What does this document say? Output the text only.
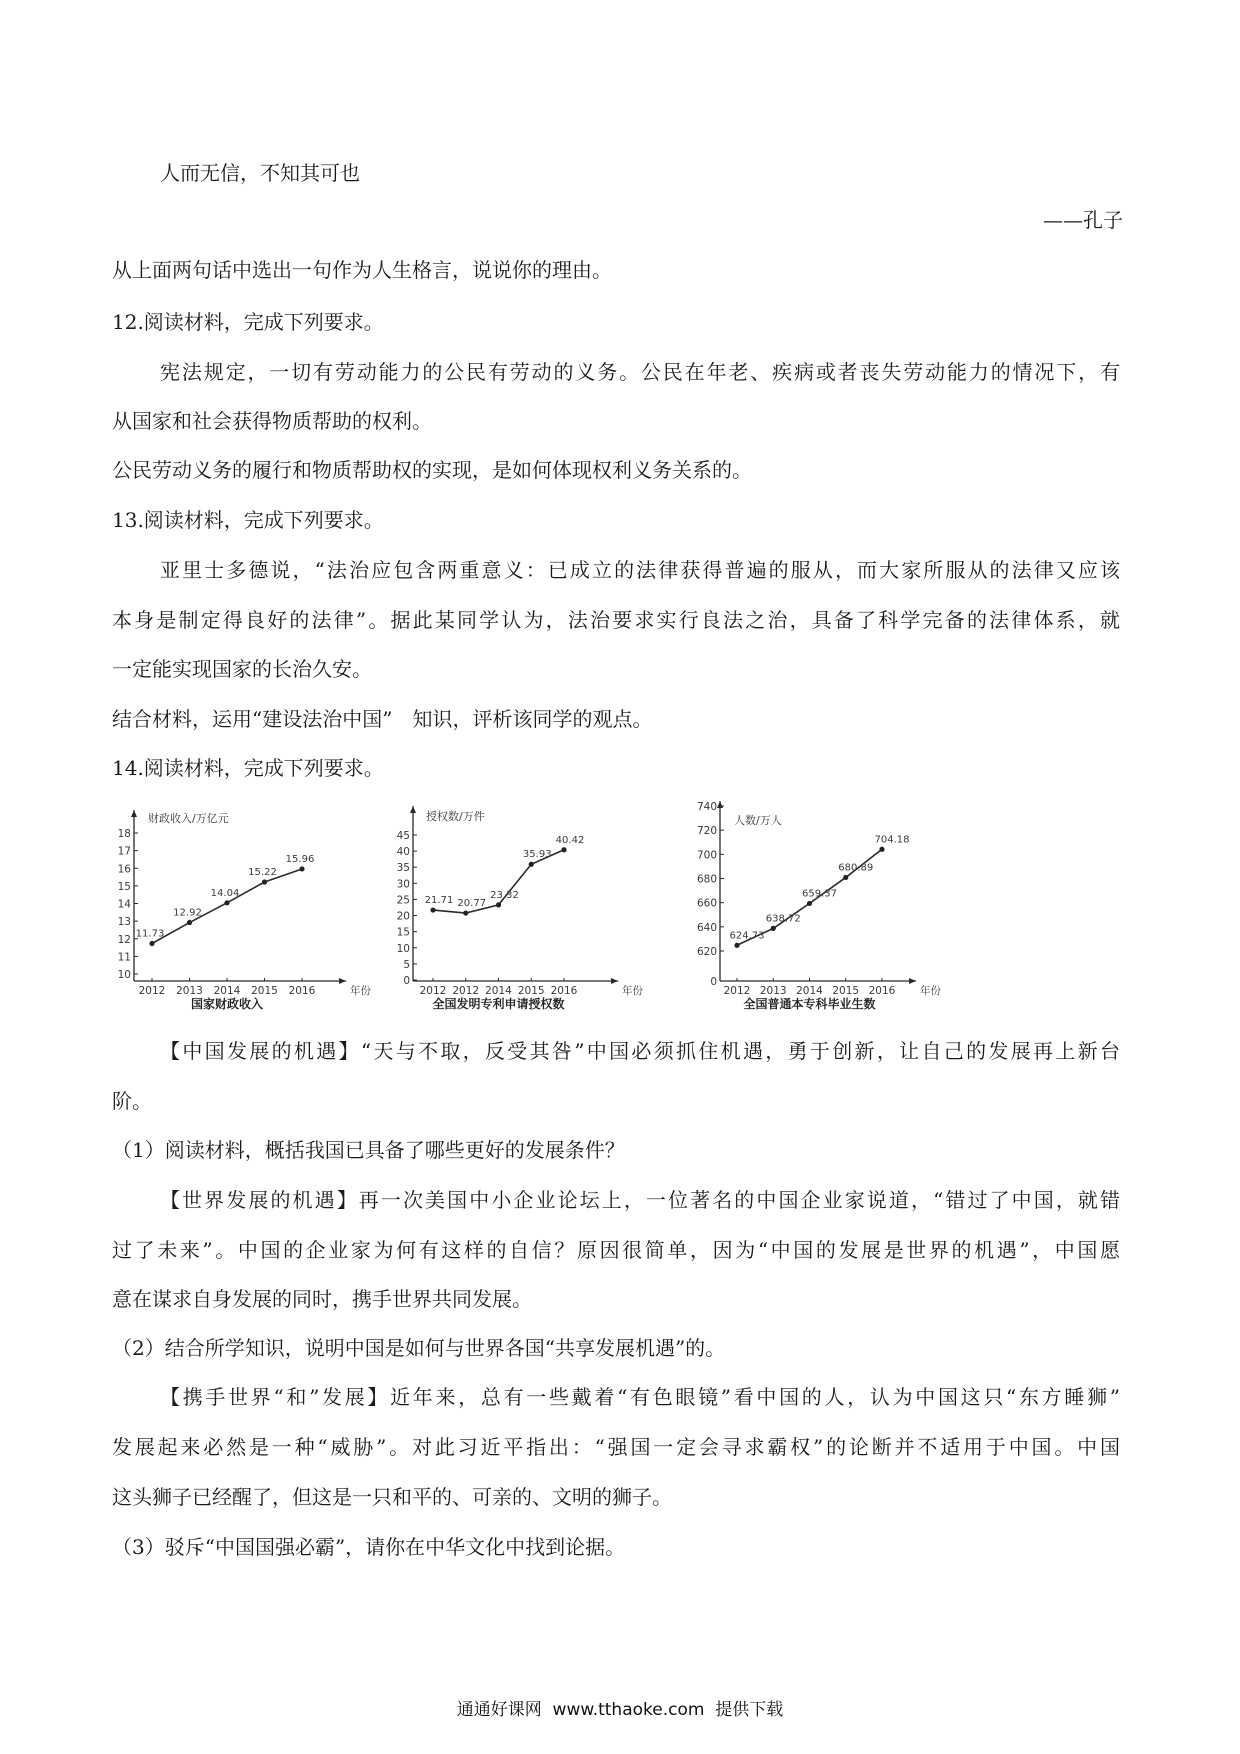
人而无信，不知其可也
——孔子
从上面两句话中选出一句作为人生格言，说说你的理由。
12.阅读材料，完成下列要求。
宪法规定，一切有劳动能力的公民有劳动的义务。公民在年老、疾病或者丧失劳动能力的情况下，有
从国家和社会获得物质帮助的权利。
公民劳动义务的履行和物质帮助权的实现，是如何体现权利义务关系的。
13.阅读材料，完成下列要求。
亚里士多德说，“法治应包含两重意义：已成立的法律获得普遍的服从，而大家所服从的法律又应该
本身是制定得良好的法律”。据此某同学认为，法治要求实行良法之治，具备了科学完备的法律体系，就
一定能实现国家的长治久安。
结合材料，运用“建设法治中国”　知识，评析该同学的观点。
14.阅读材料，完成下列要求。
财政收入/万亿元
10
11
12
13
14
15
16
17
18
2012 2013 2014 2015 2016	年份
11.73
12.92
14.04
15.22
15.96
国家财政收入
授权数/万件
0
5
10
15
20
25
30
35
40
45
2012 2012 2014 2015 2016	年份
21.71 20.77
23.32
35.93
40.42
全国发明专利申请授权数
人数/万人
620
640
660
680
700
720
740
0
2012 2013 2014 2015 2016 年份
624.73
638.72
659.37
680.89
704.18
全国普通本专科毕业生数
【中国发展的机遇】“天与不取，反受其咎”中国必须抓住机遇，勇于创新，让自己的发展再上新台
阶。
（1）阅读材料，概括我国已具备了哪些更好的发展条件？
【世界发展的机遇】再一次美国中小企业论坛上，一位著名的中国企业家说道，“错过了中国，就错
过了未来”。中国的企业家为何有这样的自信？原因很简单，因为“中国的发展是世界的机遇”，中国愿
意在谋求自身发展的同时，携手世界共同发展。
（2）结合所学知识，说明中国是如何与世界各国“共享发展机遇”的。
【携手世界“和”发展】近年来，总有一些戴着“有色眼镜”看中国的人，认为中国这只“东方睡狮”
发展起来必然是一种“威胁”。对此习近平指出：“强国一定会寻求霸权”的论断并不适用于中国。中国
这头狮子已经醒了，但这是一只和平的、可亲的、文明的狮子。
（3）驳斥“中国国强必霸”，请你在中华文化中找到论据。
通通好课网  www.tthaoke.com  提供下载
